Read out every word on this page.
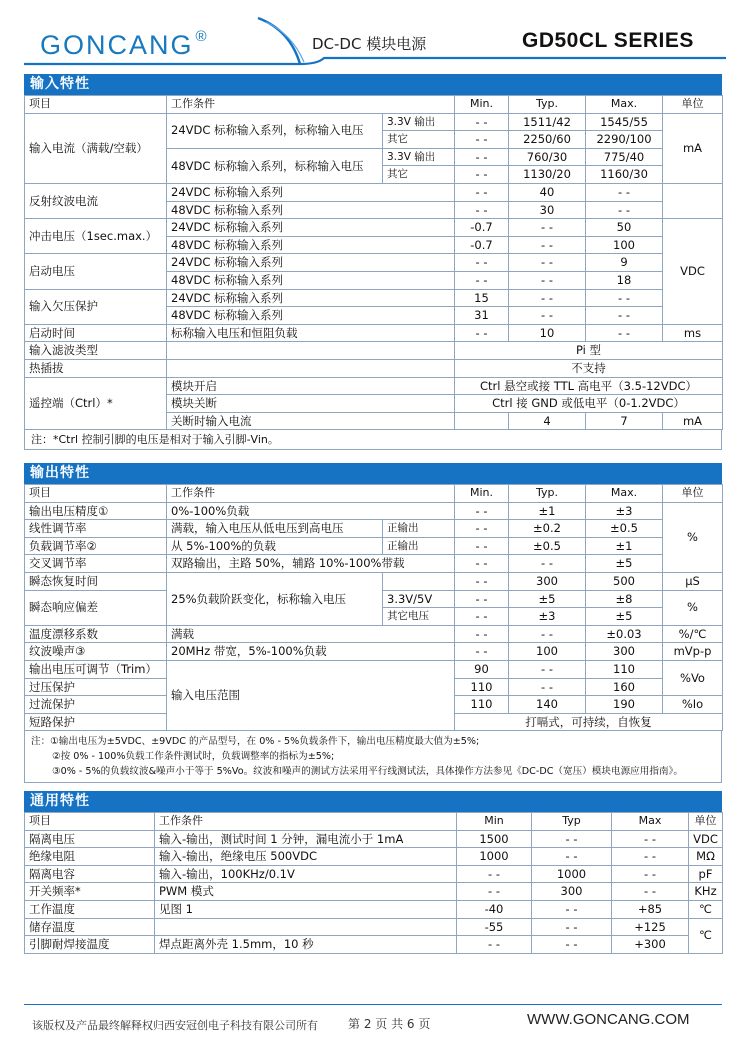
GONCANG ®	DC-DC 模块电源	GD50CL SERIES
输入特性
项目	工作条件		Min.	Typ.	Max.	单位
输入电流（满载/空载）	24VDC 标称输入系列，标称输入电压	3.3V 输出	- -	1511/42	1545/55	mA
		其它	- -	2250/60	2290/100	
	48VDC 标称输入系列，标称输入电压	3.3V 输出	- -	760/30	775/40	
		其它	- -	1130/20	1160/30	
反射纹波电流	24VDC 标称输入系列		- -	40	- -	
	48VDC 标称输入系列		- -	30	- -	
冲击电压（1sec.max.）	24VDC 标称输入系列		-0.7	- -	50	VDC
	48VDC 标称输入系列		-0.7	- -	100	
启动电压	24VDC 标称输入系列		- -	- -	9	
	48VDC 标称输入系列		- -	- -	18	
输入欠压保护	24VDC 标称输入系列		15	- -	- -	
	48VDC 标称输入系列		31	- -	- -	
启动时间	标称输入电压和恒阻负载		- -	10	- -	ms
输入滤波类型			Pi 型			
热插拔			不支持			
遥控端（Ctrl）*	模块开启		Ctrl 悬空或接 TTL 高电平（3.5-12VDC）			
	模块关断		Ctrl 接 GND 或低电平（0-1.2VDC）			
	关断时输入电流			4	7	mA
注：*Ctrl 控制引脚的电压是相对于输入引脚-Vin。
输出特性
项目	工作条件		Min.	Typ.	Max.	单位
输出电压精度①	0%-100%负载		- -	±1	±3	%
线性调节率	满载，输入电压从低电压到高电压	正输出	- -	±0.2	±0.5	
负载调节率②	从 5%-100%的负载	正输出	- -	±0.5	±1	
交叉调节率	双路输出，主路 50%，辅路 10%-100%带载		- -	- -	±5	
瞬态恢复时间	25%负载阶跃变化，标称输入电压		- -	300	500	μS
瞬态响应偏差		3.3V/5V	- -	±5	±8	%
		其它电压	- -	±3	±5	
温度漂移系数	满载		- -	- -	±0.03	%/℃
纹波噪声③	20MHz 带宽，5%-100%负载		- -	100	300	mVp-p
输出电压可调节（Trim）	输入电压范围		90	- -	110	%Vo
过压保护			110	- -	160	
过流保护			110	140	190	%Io
短路保护			打嗝式，可持续，自恢复			
注：①输出电压为±5VDC、±9VDC 的产品型号，在 0% - 5%负载条件下，输出电压精度最大值为±5%;
②按 0% - 100%负载工作条件测试时，负载调整率的指标为±5%;
③0% - 5%的负载纹波&噪声小于等于 5%Vo。纹波和噪声的测试方法采用平行线测试法，具体操作方法参见《DC-DC（宽压）模块电源应用指南》。
通用特性
项目	工作条件	Min	Typ	Max	单位
隔离电压	输入-输出，测试时间 1 分钟，漏电流小于 1mA	1500	- -	- -	VDC
绝缘电阻	输入-输出，绝缘电压 500VDC	1000	- -	- -	MΩ
隔离电容	输入-输出，100KHz/0.1V	- -	1000	- -	pF
开关频率*	PWM 模式	- -	300	- -	KHz
工作温度	见图 1	-40	- -	+85	℃
储存温度		-55	- -	+125	℃
引脚耐焊接温度	焊点距离外壳 1.5mm，10 秒	- -	- -	+300	
该版权及产品最终解释权归西安冠创电子科技有限公司所有	第 2 页 共 6 页	WWW.GONCANG.COM
